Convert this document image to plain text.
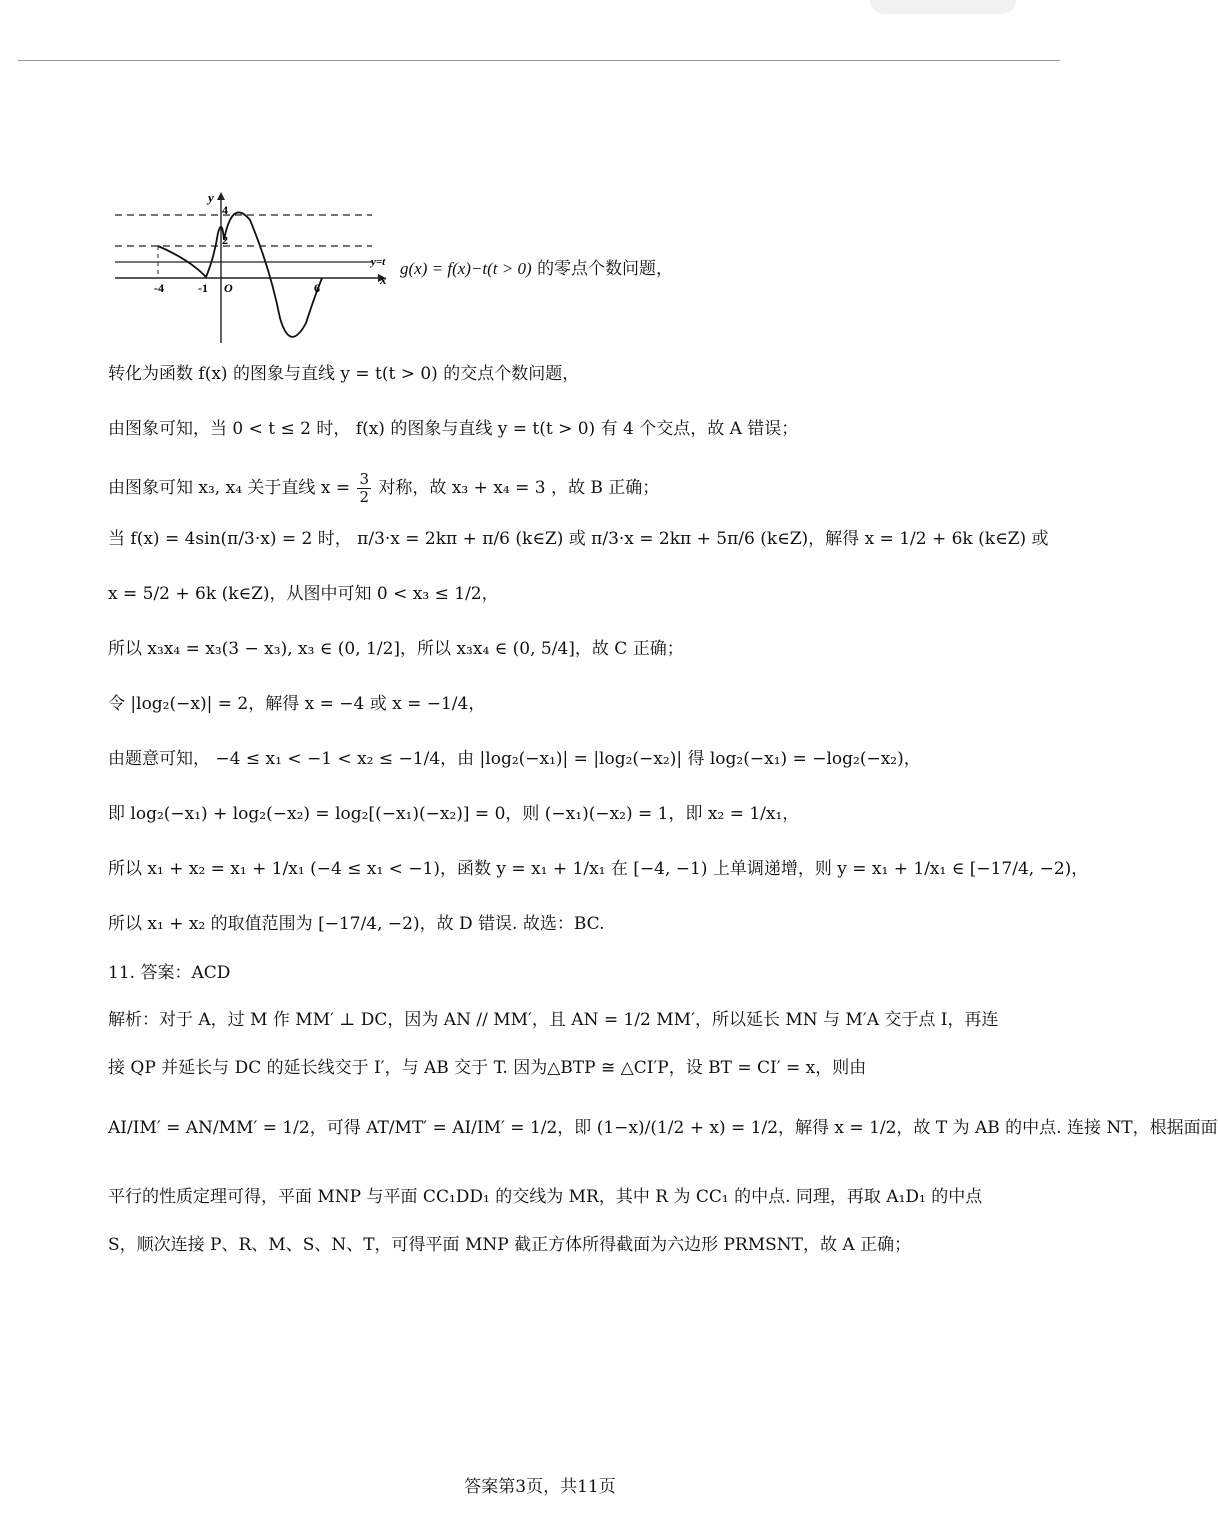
y
x
4
2
y=t
-4	-1 O	6
g(x) = f(x)−t(t > 0) 的零点个数问题，
转化为函数 f(x) 的图象与直线 y = t(t > 0) 的交点个数问题，
由图象可知，当 0 < t ≤ 2 时， f(x) 的图象与直线 y = t(t > 0) 有 4 个交点，故 A 错误；
由图象可知 x₃, x₄ 关于直线 $x = \frac{3}{2}$ 对称，故 x₃ + x₄ = 3 ，故 B 正确；
当 f(x) = 4sin(π/3·x) = 2 时， π/3·x = 2kπ + π/6 (k∈Z) 或 π/3·x = 2kπ + 5π/6 (k∈Z)，解得 x = 1/2 + 6k (k∈Z) 或
x = 5/2 + 6k (k∈Z)，从图中可知 0 < x₃ ≤ 1/2，
所以 x₃x₄ = x₃(3 − x₃), x₃ ∈ (0, 1/2]，所以 x₃x₄ ∈ (0, 5/4]，故 C 正确；
令 |log₂(−x)| = 2，解得 x = −4 或 x = −1/4，
由题意可知， −4 ≤ x₁ < −1 < x₂ ≤ −1/4，由 |log₂(−x₁)| = |log₂(−x₂)| 得 log₂(−x₁) = −log₂(−x₂)，
即 log₂(−x₁) + log₂(−x₂) = log₂[(−x₁)(−x₂)] = 0，则 (−x₁)(−x₂) = 1，即 x₂ = 1/x₁，
所以 x₁ + x₂ = x₁ + 1/x₁ (−4 ≤ x₁ < −1)，函数 y = x₁ + 1/x₁ 在 [−4, −1) 上单调递增，则 y = x₁ + 1/x₁ ∈ [−17/4, −2)，
所以 x₁ + x₂ 的取值范围为 [−17/4, −2)，故 D 错误. 故选：BC.
11. 答案：ACD
解析：对于 A，过 M 作 MM′ ⊥ DC，因为 AN // MM′，且 AN = 1/2 MM′，所以延长 MN 与 M′A 交于点 I，再连
接 QP 并延长与 DC 的延长线交于 I′，与 AB 交于 T. 因为△BTP ≅ △CI′P，设 BT = CI′ = x，则由
AI/IM′ = AN/MM′ = 1/2，可得 AT/MT′ = AI/IM′ = 1/2，即 (1−x)/(1/2 + x) = 1/2，解得 x = 1/2，故 T 为 AB 的中点. 连接 NT，根据面面
平行的性质定理可得，平面 MNP 与平面 CC₁DD₁ 的交线为 MR，其中 R 为 CC₁ 的中点. 同理，再取 A₁D₁ 的中点
S，顺次连接 P、R、M、S、N、T，可得平面 MNP 截正方体所得截面为六边形 PRMSNT，故 A 正确；
答案第3页，共11页
